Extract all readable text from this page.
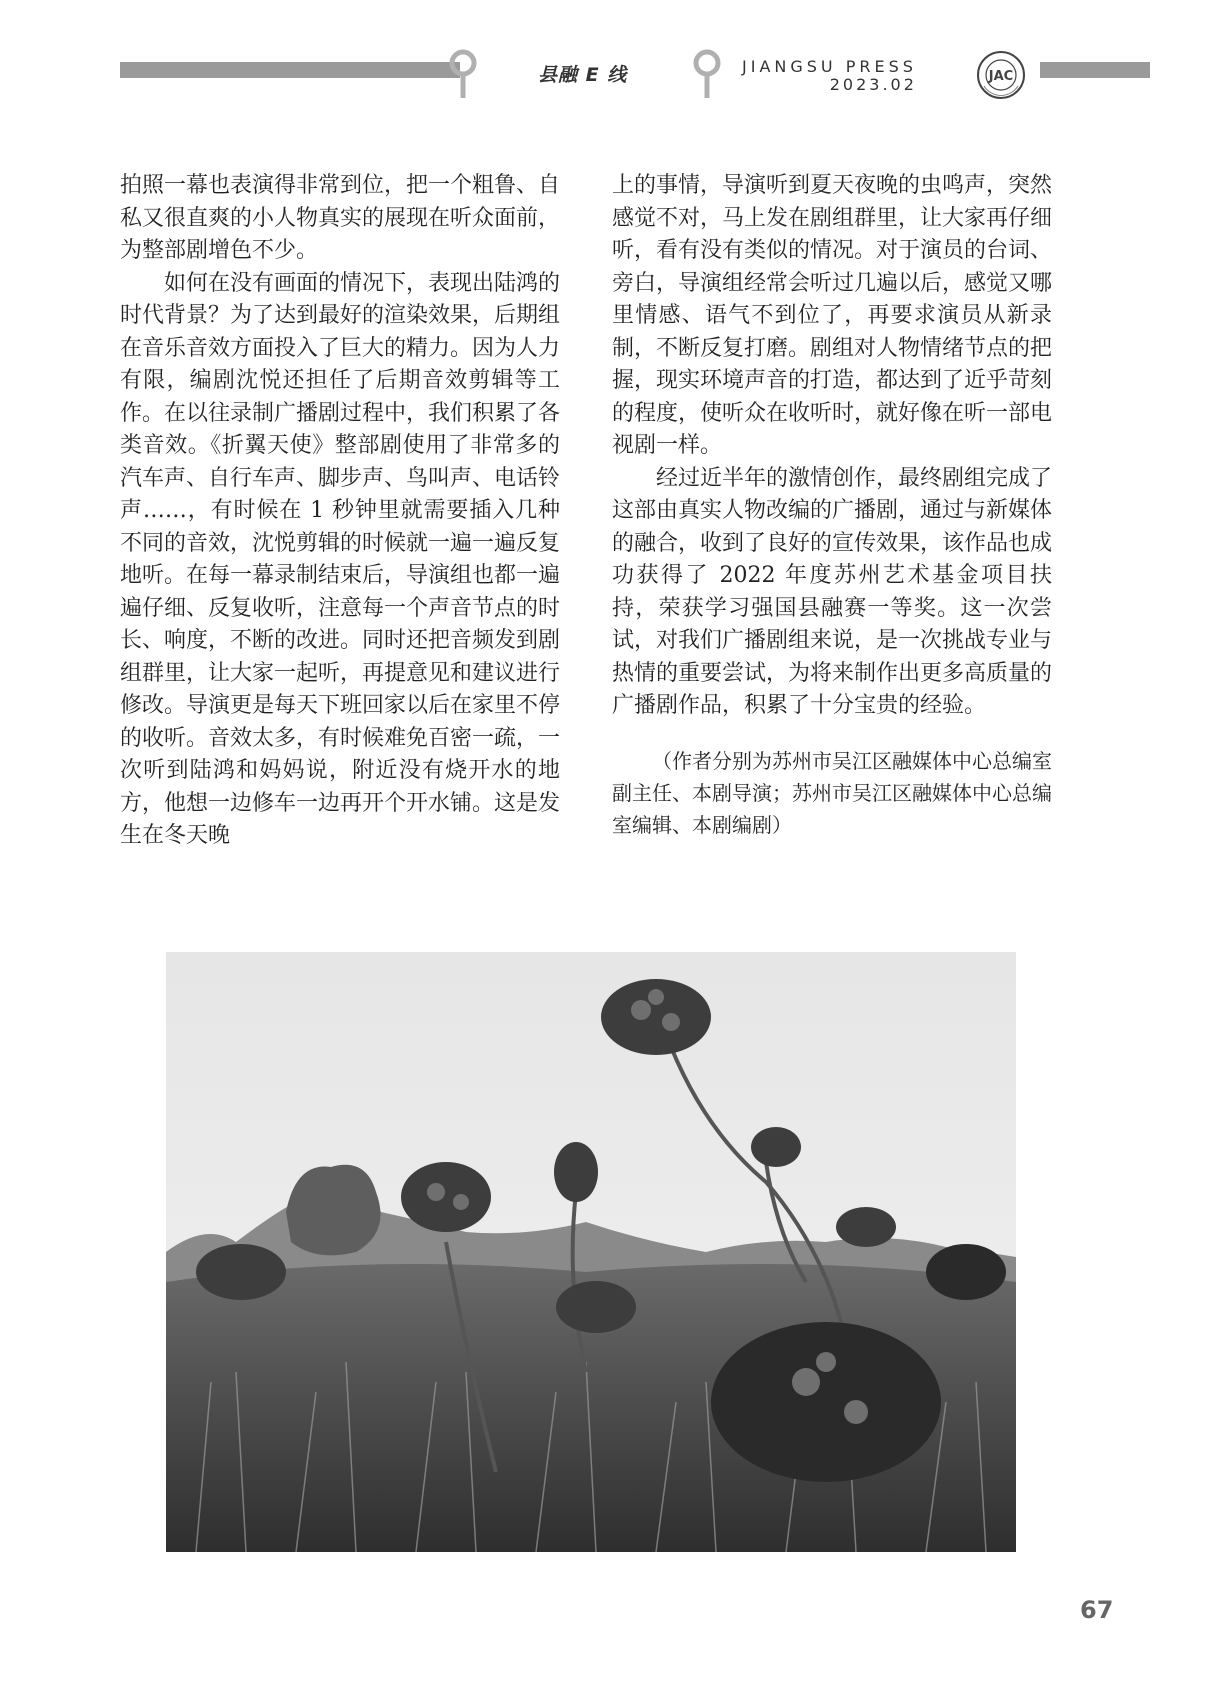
县融 E 线	JIANGSU PRESS
2023.02	JAC

拍照一幕也表演得非常到位，把一个粗鲁、自私又很直爽的小人物真实的展现在听众面前，为整部剧增色不少。

如何在没有画面的情况下，表现出陆鸿的时代背景？为了达到最好的渲染效果，后期组在音乐音效方面投入了巨大的精力。因为人力有限，编剧沈悦还担任了后期音效剪辑等工作。在以往录制广播剧过程中，我们积累了各类音效。《折翼天使》整部剧使用了非常多的汽车声、自行车声、脚步声、鸟叫声、电话铃声……，有时候在 1 秒钟里就需要插入几种不同的音效，沈悦剪辑的时候就一遍一遍反复地听。在每一幕录制结束后，导演组也都一遍遍仔细、反复收听，注意每一个声音节点的时长、响度，不断的改进。同时还把音频发到剧组群里，让大家一起听，再提意见和建议进行修改。导演更是每天下班回家以后在家里不停的收听。音效太多，有时候难免百密一疏，一次听到陆鸿和妈妈说，附近没有烧开水的地方，他想一边修车一边再开个开水铺。这是发生在冬天晚

上的事情，导演听到夏天夜晚的虫鸣声，突然感觉不对，马上发在剧组群里，让大家再仔细听，看有没有类似的情况。对于演员的台词、旁白，导演组经常会听过几遍以后，感觉又哪里情感、语气不到位了，再要求演员从新录制，不断反复打磨。剧组对人物情绪节点的把握，现实环境声音的打造，都达到了近乎苛刻的程度，使听众在收听时，就好像在听一部电视剧一样。

经过近半年的激情创作，最终剧组完成了这部由真实人物改编的广播剧，通过与新媒体的融合，收到了良好的宣传效果，该作品也成功获得了 2022 年度苏州艺术基金项目扶持，荣获学习强国县融赛一等奖。这一次尝试，对我们广播剧组来说，是一次挑战专业与热情的重要尝试，为将来制作出更多高质量的广播剧作品，积累了十分宝贵的经验。

（作者分别为苏州市吴江区融媒体中心总编室副主任、本剧导演；苏州市吴江区融媒体中心总编室编辑、本剧编剧）

67
